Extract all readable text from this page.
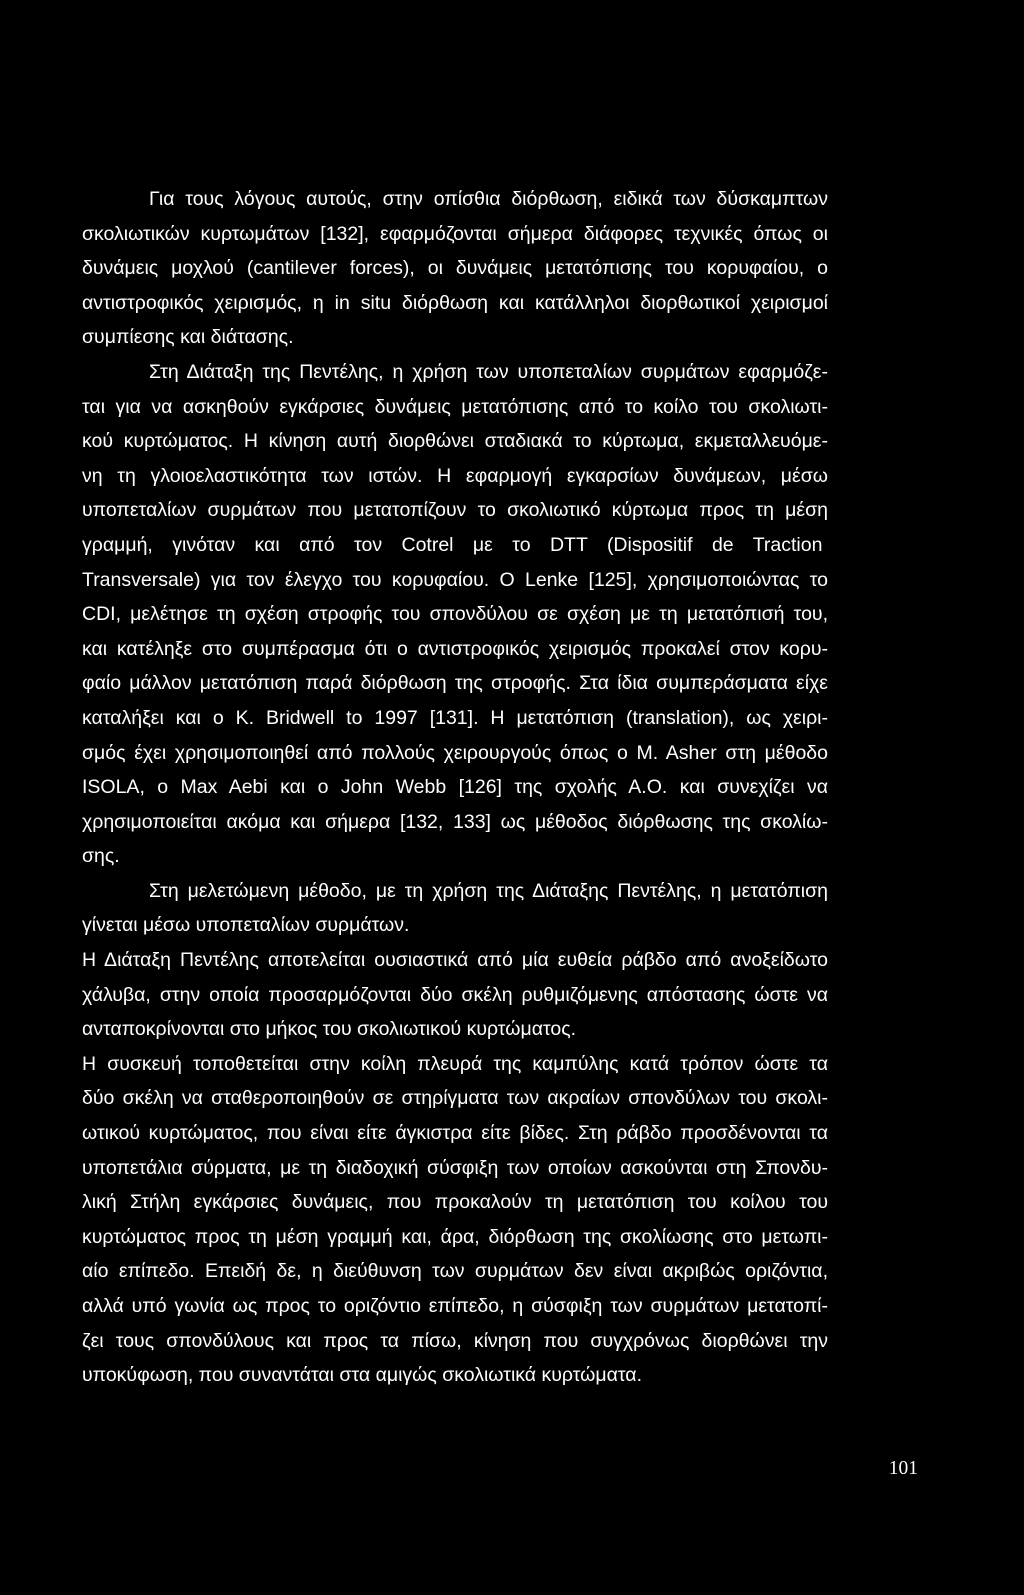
Για τους λόγους αυτούς, στην οπίσθια διόρθωση, ειδικά των δύσκαμπτων
σκολιωτικών κυρτωμάτων [132], εφαρμόζονται σήμερα διάφορες τεχνικές όπως οι
δυνάμεις μοχλού (cantilever forces), οι δυνάμεις μετατόπισης του κορυφαίου, ο
αντιστροφικός χειρισμός, η in situ διόρθωση και κατάλληλοι διορθωτικοί χειρισμοί
συμπίεσης και διάτασης.
Στη Διάταξη της Πεντέλης, η χρήση των υποπεταλίων συρμάτων εφαρμόζε-
ται για να ασκηθούν εγκάρσιες δυνάμεις μετατόπισης από το κοίλο του σκολιωτι-
κού κυρτώματος. Η κίνηση αυτή διορθώνει σταδιακά το κύρτωμα, εκμεταλλευόμε-
νη τη γλοιοελαστικότητα των ιστών. Η εφαρμογή εγκαρσίων δυνάμεων, μέσω
υποπεταλίων συρμάτων που μετατοπίζουν το σκολιωτικό κύρτωμα προς τη μέση
γραμμή, γινόταν και από τον Cotrel με το DTT (Dispositif de Traction
Transversale) για τον έλεγχο του κορυφαίου. Ο Lenke [125], χρησιμοποιώντας το
CDI, μελέτησε τη σχέση στροφής του σπονδύλου σε σχέση με τη μετατόπισή του,
και κατέληξε στο συμπέρασμα ότι ο αντιστροφικός χειρισμός προκαλεί στον κορυ-
φαίο μάλλον μετατόπιση παρά διόρθωση της στροφής. Στα ίδια συμπεράσματα είχε
καταλήξει και ο K. Bridwell to 1997 [131]. Η μετατόπιση (translation), ως χειρι-
σμός έχει χρησιμοποιηθεί από πολλούς χειρουργούς όπως ο M. Asher στη μέθοδο
ISOLA, ο Max Aebi και ο John Webb [126] της σχολής Α.Ο. και συνεχίζει να
χρησιμοποιείται ακόμα και σήμερα [132, 133] ως μέθοδος διόρθωσης της σκολίω-
σης.
Στη μελετώμενη μέθοδο, με τη χρήση της Διάταξης Πεντέλης, η μετατόπιση
γίνεται μέσω υποπεταλίων συρμάτων.
Η Διάταξη Πεντέλης αποτελείται ουσιαστικά από μία ευθεία ράβδο από ανοξείδωτο
χάλυβα, στην οποία προσαρμόζονται δύο σκέλη ρυθμιζόμενης απόστασης ώστε να
ανταποκρίνονται στο μήκος του σκολιωτικού κυρτώματος.
Η συσκευή τοποθετείται στην κοίλη πλευρά της καμπύλης κατά τρόπον ώστε τα
δύο σκέλη να σταθεροποιηθούν σε στηρίγματα των ακραίων σπονδύλων του σκολι-
ωτικού κυρτώματος, που είναι είτε άγκιστρα είτε βίδες. Στη ράβδο προσδένονται τα
υποπετάλια σύρματα, με τη διαδοχική σύσφιξη των οποίων ασκούνται στη Σπονδυ-
λική Στήλη εγκάρσιες δυνάμεις, που προκαλούν τη μετατόπιση του κοίλου του
κυρτώματος προς τη μέση γραμμή και, άρα, διόρθωση της σκολίωσης στο μετωπι-
αίο επίπεδο. Επειδή δε, η διεύθυνση των συρμάτων δεν είναι ακριβώς οριζόντια,
αλλά υπό γωνία ως προς το οριζόντιο επίπεδο, η σύσφιξη των συρμάτων μετατοπί-
ζει τους σπονδύλους και προς τα πίσω, κίνηση που συγχρόνως διορθώνει την
υποκύφωση, που συναντάται στα αμιγώς σκολιωτικά κυρτώματα.
101
